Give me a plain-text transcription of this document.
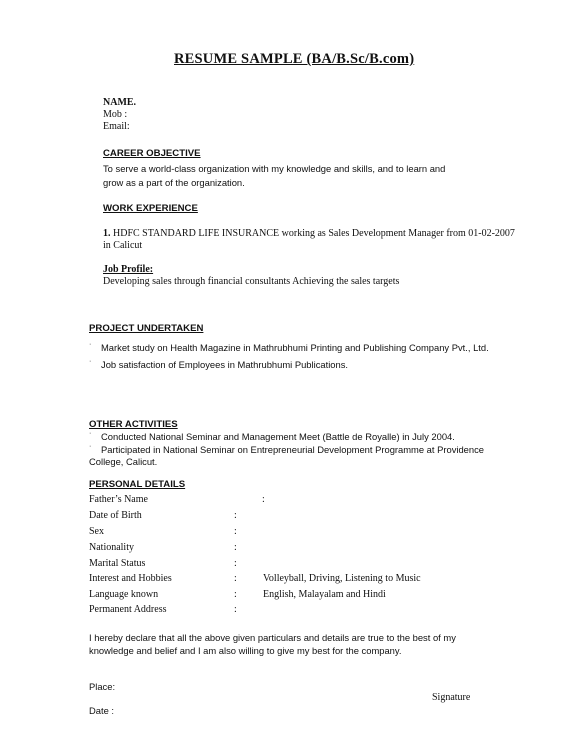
RESUME SAMPLE (BA/B.Sc/B.com)
NAME.
Mob :
Email:
CAREER OBJECTIVE
To serve a world-class organization with my knowledge and skills, and to learn and
grow as a part of the organization.
WORK EXPERIENCE
1. HDFC STANDARD LIFE INSURANCE working as Sales Development Manager from 01-02-2007
in Calicut
Job Profile:
Developing sales through financial consultants Achieving the sales targets
PROJECT UNDERTAKEN
· Market study on Health Magazine in Mathrubhumi Printing and Publishing Company Pvt., Ltd.
· Job satisfaction of Employees in Mathrubhumi Publications.
OTHER ACTIVITIES
· Conducted National Seminar and Management Meet (Battle de Royalle) in July 2004.
· Participated in National Seminar on Entrepreneurial Development Programme at Providence
College, Calicut.
PERSONAL DETAILS
Father’s Name	:
Date of Birth	:
Sex	:
Nationality	:
Marital Status	:
Interest and Hobbies	:	Volleyball, Driving, Listening to Music
Language known	:	English, Malayalam and Hindi
Permanent Address	:
I hereby declare that all the above given particulars and details are true to the best of my
knowledge and belief and I am also willing to give my best for the company.
Place:
Signature
Date :
